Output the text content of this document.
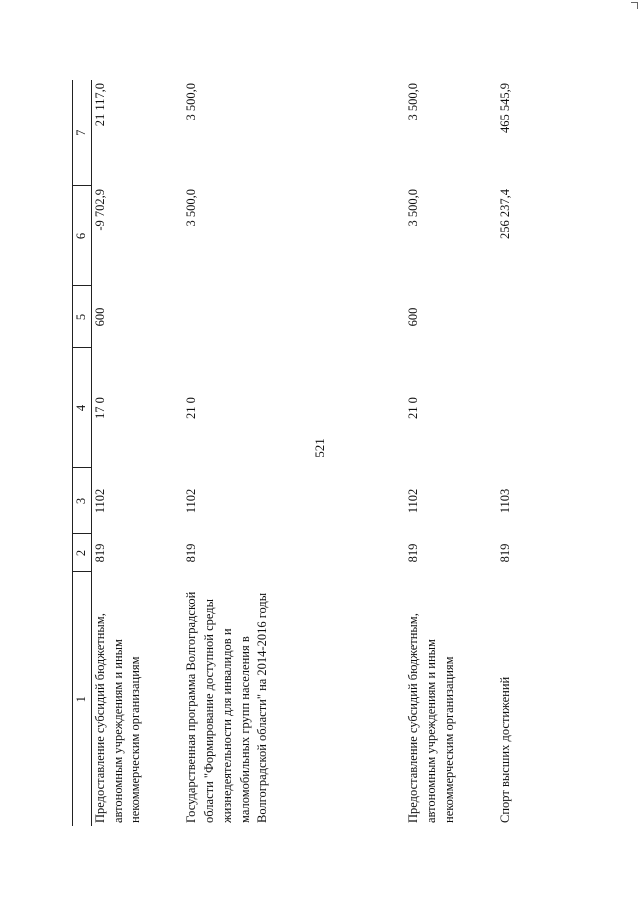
521
1	2	3	4	5	6	7
Предоставление субсидий бюджетным, автономным учреждениям и иным некоммерческим организациям	819	1102	17 0	600	-9 702,9	21 117,0
Государственная программа Волгоградской области "Формирование доступной среды жизнедеятельности для инвалидов и маломобильных групп населения в Волгоградской области" на 2014-2016 годы	819	1102	21 0		3 500,0	3 500,0
Предоставление субсидий бюджетным, автономным учреждениям и иным некоммерческим организациям	819	1102	21 0	600	3 500,0	3 500,0
Спорт высших достижений	819	1103			256 237,4	465 545,9
